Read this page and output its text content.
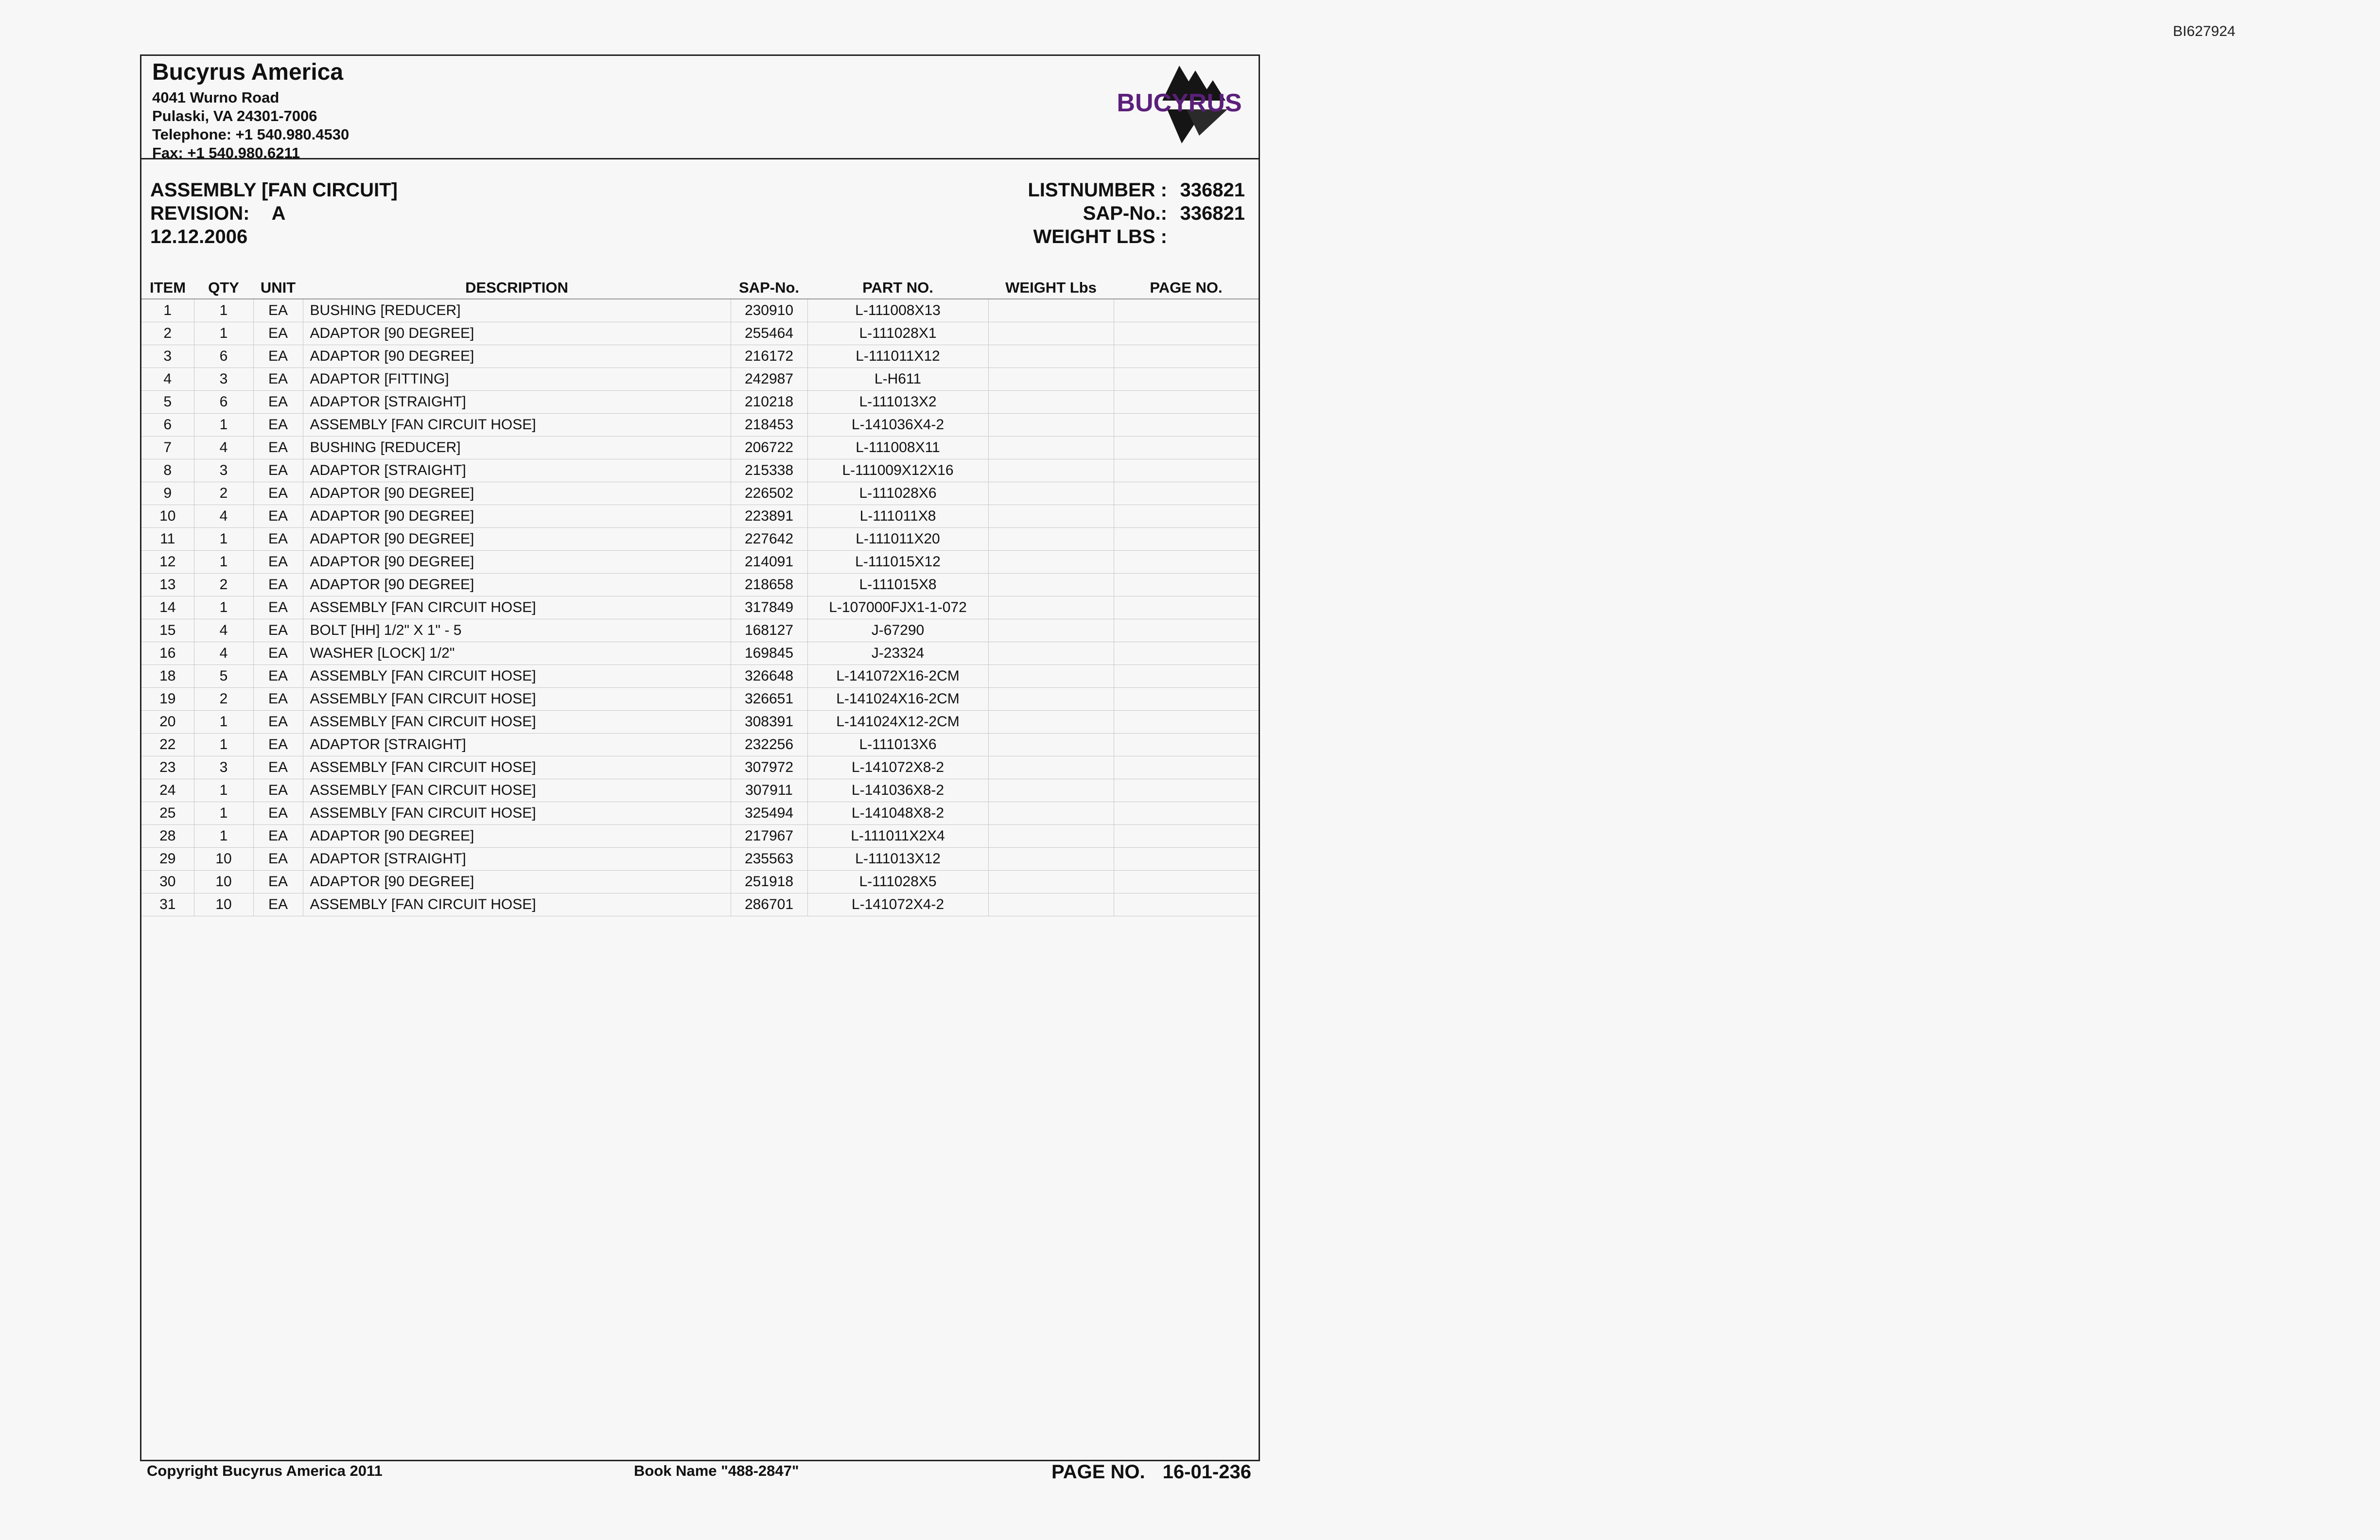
BI627924
Bucyrus America
4041 Wurno Road
Pulaski, VA 24301-7006
Telephone: +1 540.980.4530
Fax: +1 540.980.6211
BUCYRUS
ASSEMBLY [FAN CIRCUIT]
REVISION: A
12.12.2006
LISTNUMBER : 336821
SAP-No.: 336821
WEIGHT LBS :
ITEM	QTY	UNIT	DESCRIPTION	SAP-No.	PART NO.	WEIGHT Lbs	PAGE NO.
1	1	EA	BUSHING [REDUCER]	230910	L-111008X13		
2	1	EA	ADAPTOR [90 DEGREE]	255464	L-111028X1		
3	6	EA	ADAPTOR [90 DEGREE]	216172	L-111011X12		
4	3	EA	ADAPTOR [FITTING]	242987	L-H611		
5	6	EA	ADAPTOR [STRAIGHT]	210218	L-111013X2		
6	1	EA	ASSEMBLY [FAN CIRCUIT HOSE]	218453	L-141036X4-2		
7	4	EA	BUSHING [REDUCER]	206722	L-111008X11		
8	3	EA	ADAPTOR [STRAIGHT]	215338	L-111009X12X16		
9	2	EA	ADAPTOR [90 DEGREE]	226502	L-111028X6		
10	4	EA	ADAPTOR [90 DEGREE]	223891	L-111011X8		
11	1	EA	ADAPTOR [90 DEGREE]	227642	L-111011X20		
12	1	EA	ADAPTOR [90 DEGREE]	214091	L-111015X12		
13	2	EA	ADAPTOR [90 DEGREE]	218658	L-111015X8		
14	1	EA	ASSEMBLY [FAN CIRCUIT HOSE]	317849	L-107000FJX1-1-072		
15	4	EA	BOLT [HH] 1/2" X 1" - 5	168127	J-67290		
16	4	EA	WASHER [LOCK] 1/2"	169845	J-23324		
18	5	EA	ASSEMBLY [FAN CIRCUIT HOSE]	326648	L-141072X16-2CM		
19	2	EA	ASSEMBLY [FAN CIRCUIT HOSE]	326651	L-141024X16-2CM		
20	1	EA	ASSEMBLY [FAN CIRCUIT HOSE]	308391	L-141024X12-2CM		
22	1	EA	ADAPTOR [STRAIGHT]	232256	L-111013X6		
23	3	EA	ASSEMBLY [FAN CIRCUIT HOSE]	307972	L-141072X8-2		
24	1	EA	ASSEMBLY [FAN CIRCUIT HOSE]	307911	L-141036X8-2		
25	1	EA	ASSEMBLY [FAN CIRCUIT HOSE]	325494	L-141048X8-2		
28	1	EA	ADAPTOR [90 DEGREE]	217967	L-111011X2X4		
29	10	EA	ADAPTOR [STRAIGHT]	235563	L-111013X12		
30	10	EA	ADAPTOR [90 DEGREE]	251918	L-111028X5		
31	10	EA	ASSEMBLY [FAN CIRCUIT HOSE]	286701	L-141072X4-2		
Copyright Bucyrus America 2011	Book Name "488-2847"	PAGE NO. 16-01-236
